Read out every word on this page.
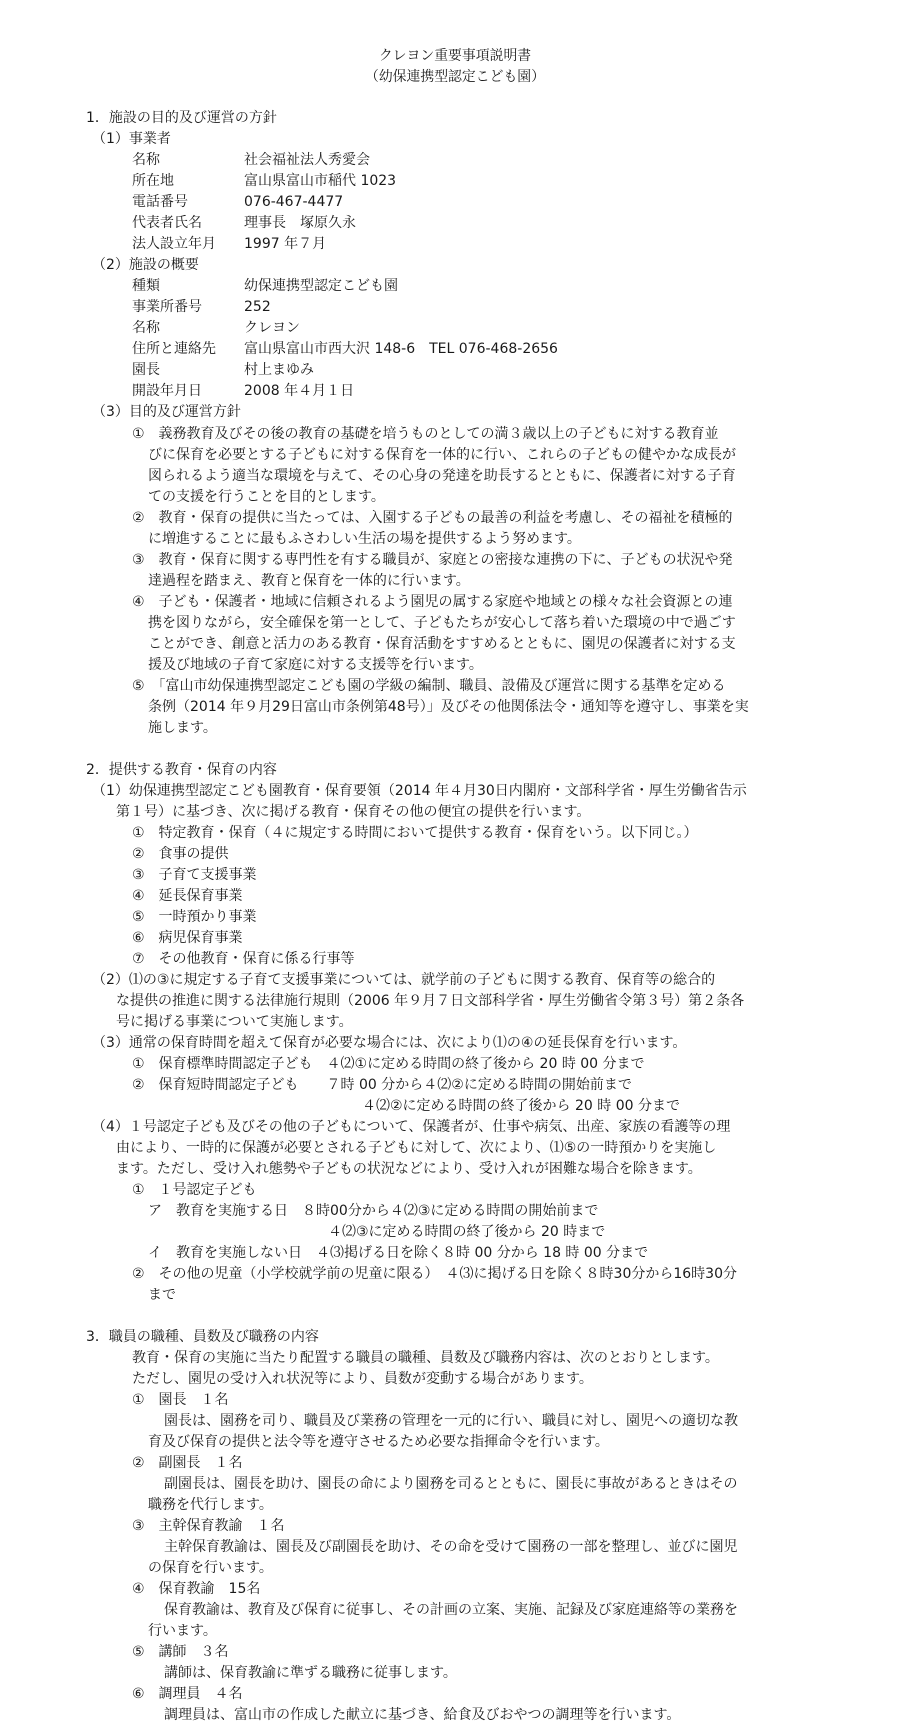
クレヨン重要事項説明書
（幼保連携型認定こども園）
1．施設の目的及び運営の方針
（1）事業者
名称	社会福祉法人秀愛会
所在地	富山県富山市稲代 1023
電話番号	076-467-4477
代表者氏名	理事長　塚原久永
法人設立年月 1997 年７月
（2）施設の概要
種類	幼保連携型認定こども園
事業所番号	252
名称	クレヨン
住所と連絡先 富山県富山市西大沢 148-6　TEL 076-468-2656
園長	村上まゆみ
開設年月日	2008 年４月１日
（3）目的及び運営方針
①　義務教育及びその後の教育の基礎を培うものとしての満３歳以上の子どもに対する教育並
びに保育を必要とする子どもに対する保育を一体的に行い、これらの子どもの健やかな成長が
図られるよう適当な環境を与えて、その心身の発達を助長するとともに、保護者に対する子育
ての支援を行うことを目的とします。
②　教育・保育の提供に当たっては、入園する子どもの最善の利益を考慮し、その福祉を積極的
に増進することに最もふさわしい生活の場を提供するよう努めます。
③　教育・保育に関する専門性を有する職員が、家庭との密接な連携の下に、子どもの状況や発
達過程を踏まえ、教育と保育を一体的に行います。
④　子ども・保護者・地域に信頼されるよう園児の属する家庭や地域との様々な社会資源との連
携を図りながら，安全確保を第一として、子どもたちが安心して落ち着いた環境の中で過ごす
ことができ、創意と活力のある教育・保育活動をすすめるとともに、園児の保護者に対する支
援及び地域の子育て家庭に対する支援等を行います。
⑤　「富山市幼保連携型認定こども園の学級の編制、職員、設備及び運営に関する基準を定める
条例（2014 年９月29日富山市条例第48号）」及びその他関係法令・通知等を遵守し、事業を実
施します。
2．提供する教育・保育の内容
（1）幼保連携型認定こども園教育・保育要領（2014 年４月30日内閣府・文部科学省・厚生労働省告示
第１号）に基づき、次に掲げる教育・保育その他の便宜の提供を行います。
①　特定教育・保育（４に規定する時間において提供する教育・保育をいう。以下同じ。）
②　食事の提供
③　子育て支援事業
④　延長保育事業
⑤　一時預かり事業
⑥　病児保育事業
⑦　その他教育・保育に係る行事等
（2）⑴の③に規定する子育て支援事業については、就学前の子どもに関する教育、保育等の総合的
な提供の推進に関する法律施行規則（2006 年９月７日文部科学省・厚生労働省令第３号）第２条各
号に掲げる事業について実施します。
（3）通常の保育時間を超えて保育が必要な場合には、次により⑴の④の延長保育を行います。
①　保育標準時間認定子ども　４⑵①に定める時間の終了後から 20 時 00 分まで
②　保育短時間認定子ども　　７時 00 分から４⑵②に定める時間の開始前まで
４⑵②に定める時間の終了後から 20 時 00 分まで
（4）１号認定子ども及びその他の子どもについて、保護者が、仕事や病気、出産、家族の看護等の理
由により、一時的に保護が必要とされる子どもに対して、次により、⑴⑤の一時預かりを実施し
ます。ただし、受け入れ態勢や子どもの状況などにより、受け入れが困難な場合を除きます。
①　１号認定子ども
ア　教育を実施する日　８時00分から４⑵③に定める時間の開始前まで
４⑵③に定める時間の終了後から 20 時まで
イ　教育を実施しない日　４⑶掲げる日を除く８時 00 分から 18 時 00 分まで
②　その他の児童（小学校就学前の児童に限る）　４⑶に掲げる日を除く８時30分から16時30分
まで
3．職員の職種、員数及び職務の内容
教育・保育の実施に当たり配置する職員の職種、員数及び職務内容は、次のとおりとします。
ただし、園児の受け入れ状況等により、員数が変動する場合があります。
①　園長　１名
園長は、園務を司り、職員及び業務の管理を一元的に行い、職員に対し、園児への適切な教
育及び保育の提供と法令等を遵守させるため必要な指揮命令を行います。
②　副園長　１名
副園長は、園長を助け、園長の命により園務を司るとともに、園長に事故があるときはその
職務を代行します。
③　主幹保育教諭　１名
主幹保育教諭は、園長及び副園長を助け、その命を受けて園務の一部を整理し、並びに園児
の保育を行います。
④　保育教諭　15名
保育教諭は、教育及び保育に従事し、その計画の立案、実施、記録及び家庭連絡等の業務を
行います。
⑤　講師　３名
講師は、保育教諭に準ずる職務に従事します。
⑥　調理員　４名
調理員は、富山市の作成した献立に基づき、給食及びおやつの調理等を行います。
